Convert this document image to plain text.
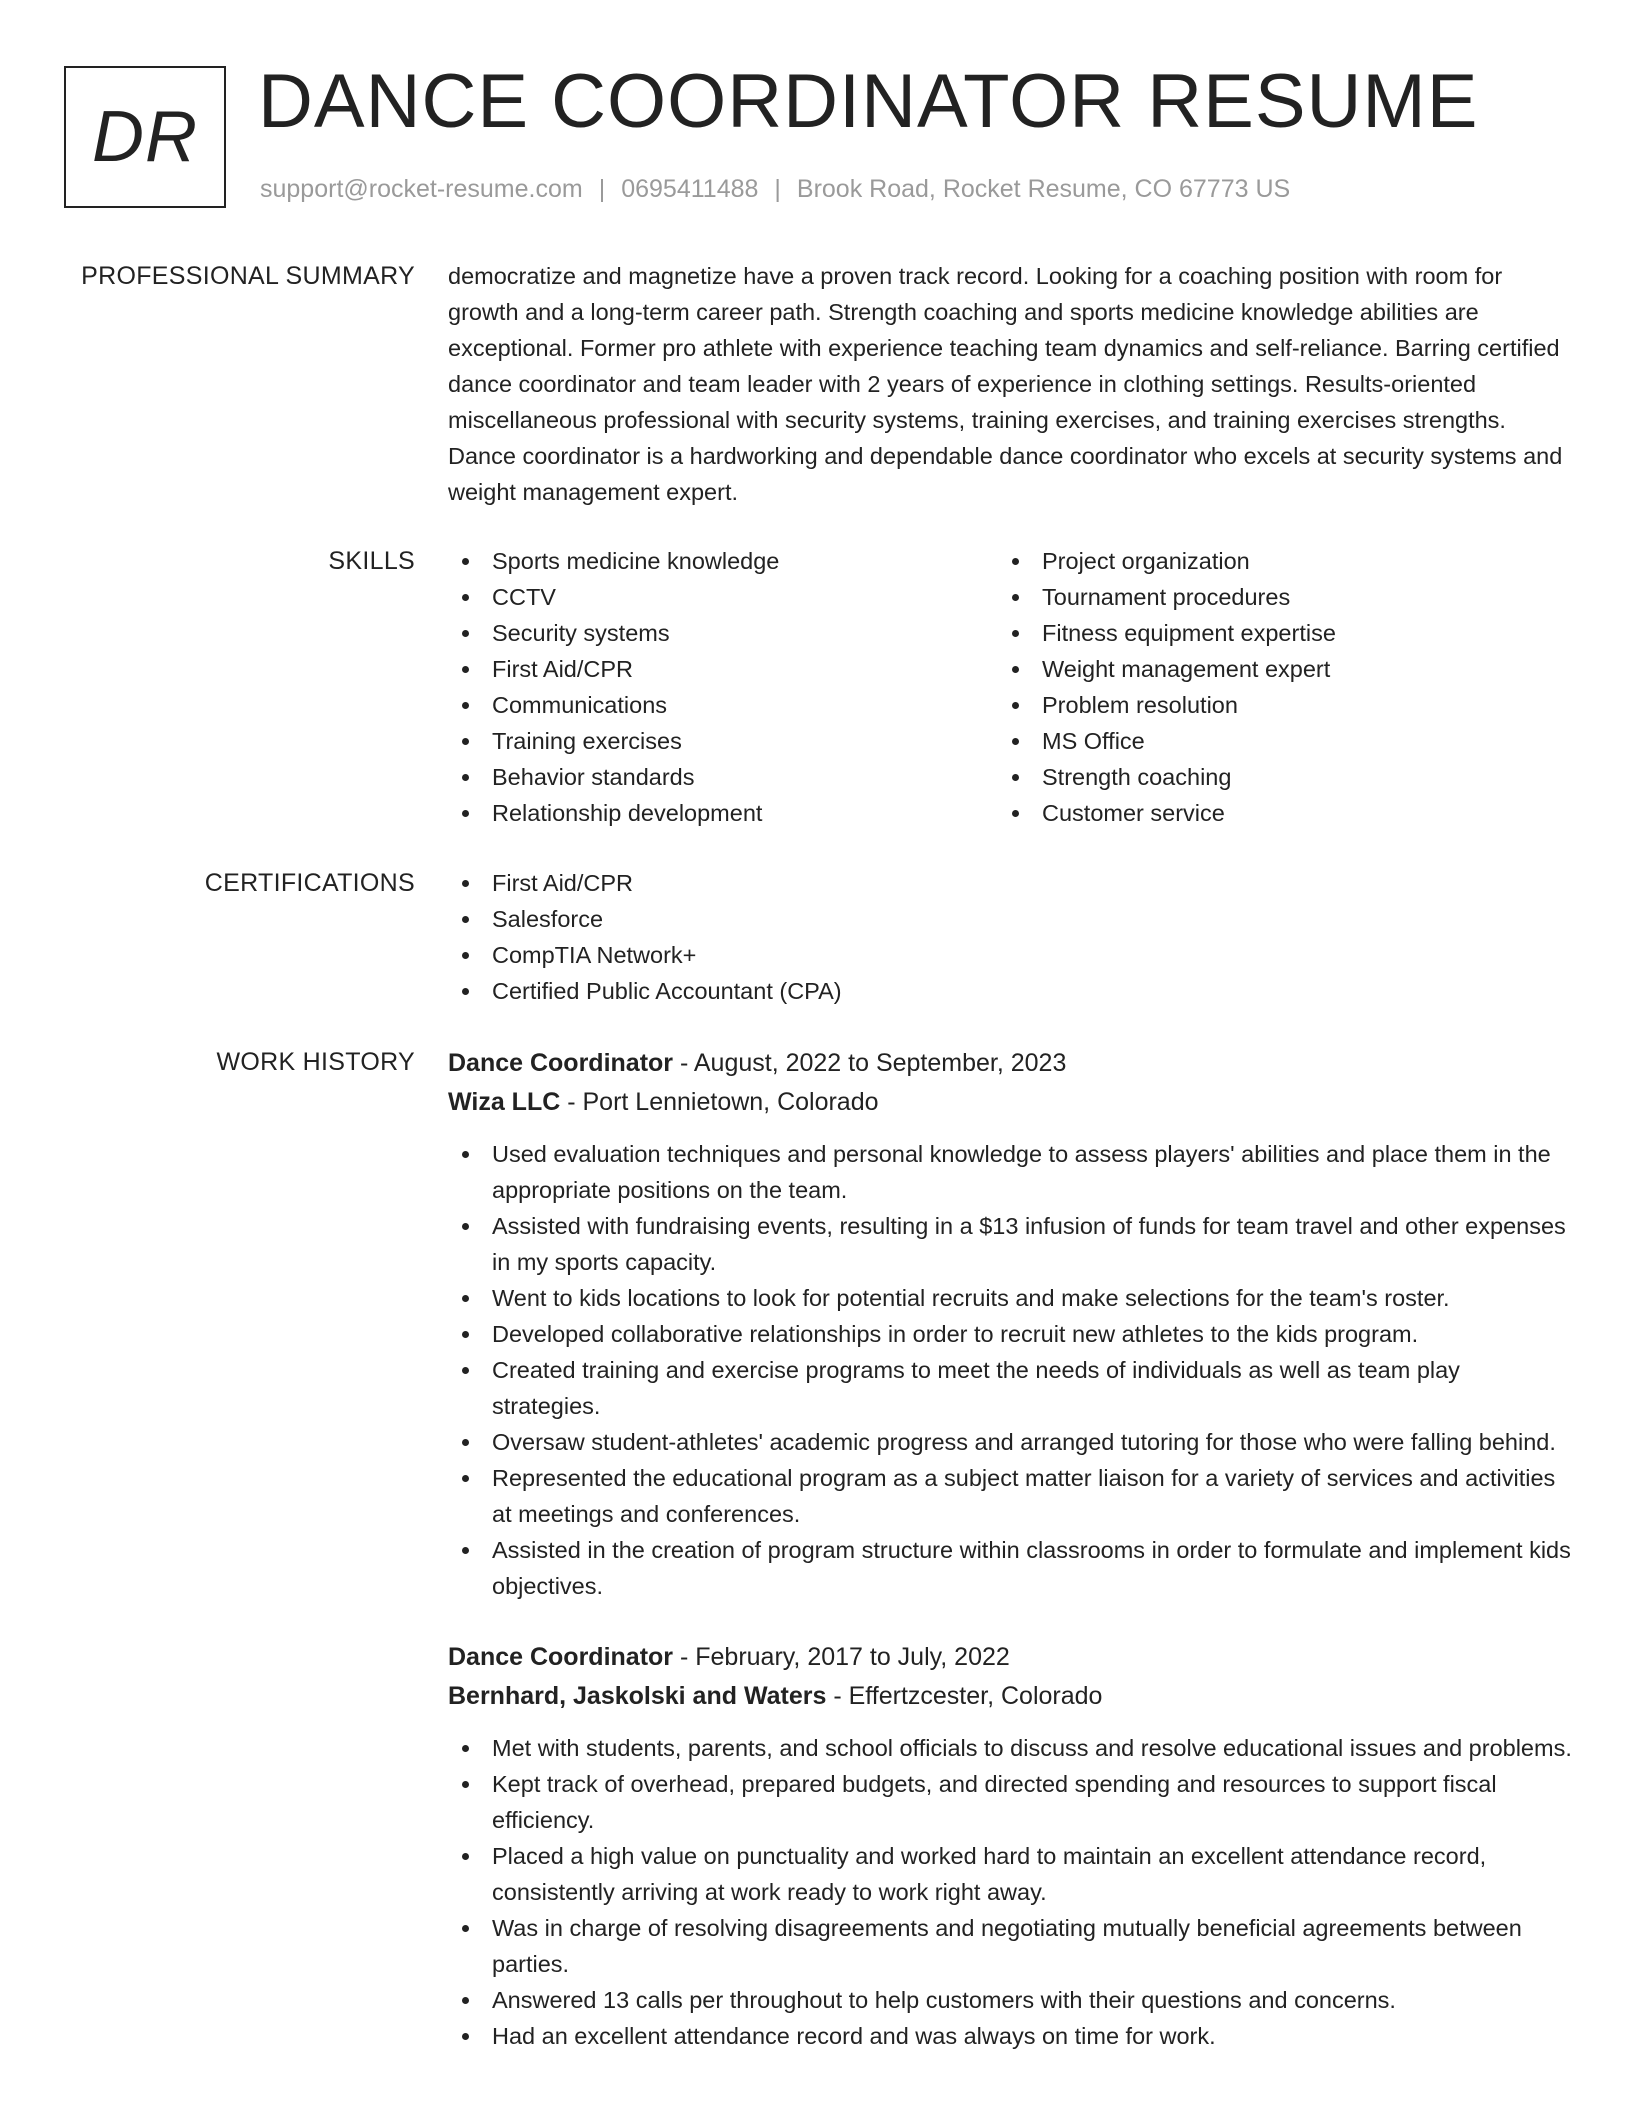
DR DANCE COORDINATOR RESUME
support@rocket-resume.com | 0695411488 | Brook Road, Rocket Resume, CO 67773 US
PROFESSIONAL SUMMARY democratize and magnetize have a proven track record. Looking for a coaching position with room for growth and a long-term career path. Strength coaching and sports medicine knowledge abilities are exceptional. Former pro athlete with experience teaching team dynamics and self-reliance. Barring certified dance coordinator and team leader with 2 years of experience in clothing settings. Results-oriented miscellaneous professional with security systems, training exercises, and training exercises strengths. Dance coordinator is a hardworking and dependable dance coordinator who excels at security systems and weight management expert.

SKILLS	Sports medicine knowledge
CCTV
Security systems
First Aid/CPR
Communications
Training exercises
Behavior standards
Relationship development
Project organization
Tournament procedures
Fitness equipment expertise
Weight management expert
Problem resolution
MS Office
Strength coaching
Customer service
CERTIFICATIONS	First Aid/CPR
Salesforce
CompTIA Network+
Certified Public Accountant (CPA)
WORK HISTORY Dance Coordinator - August, 2022 to September, 2023
Wiza LLC - Port Lennietown, Colorado
Used evaluation techniques and personal knowledge to assess players' abilities and place them in the appropriate positions on the team.
Assisted with fundraising events, resulting in a $13 infusion of funds for team travel and other expenses in my sports capacity.
Went to kids locations to look for potential recruits and make selections for the team's roster.
Developed collaborative relationships in order to recruit new athletes to the kids program.
Created training and exercise programs to meet the needs of individuals as well as team play strategies.
Oversaw student-athletes' academic progress and arranged tutoring for those who were falling behind.
Represented the educational program as a subject matter liaison for a variety of services and activities at meetings and conferences.
Assisted in the creation of program structure within classrooms in order to formulate and implement kids objectives.
Dance Coordinator - February, 2017 to July, 2022
Bernhard, Jaskolski and Waters - Effertzcester, Colorado
Met with students, parents, and school officials to discuss and resolve educational issues and problems.
Kept track of overhead, prepared budgets, and directed spending and resources to support fiscal efficiency.
Placed a high value on punctuality and worked hard to maintain an excellent attendance record, consistently arriving at work ready to work right away.
Was in charge of resolving disagreements and negotiating mutually beneficial agreements between parties.
Answered 13 calls per throughout to help customers with their questions and concerns.
Had an excellent attendance record and was always on time for work.
